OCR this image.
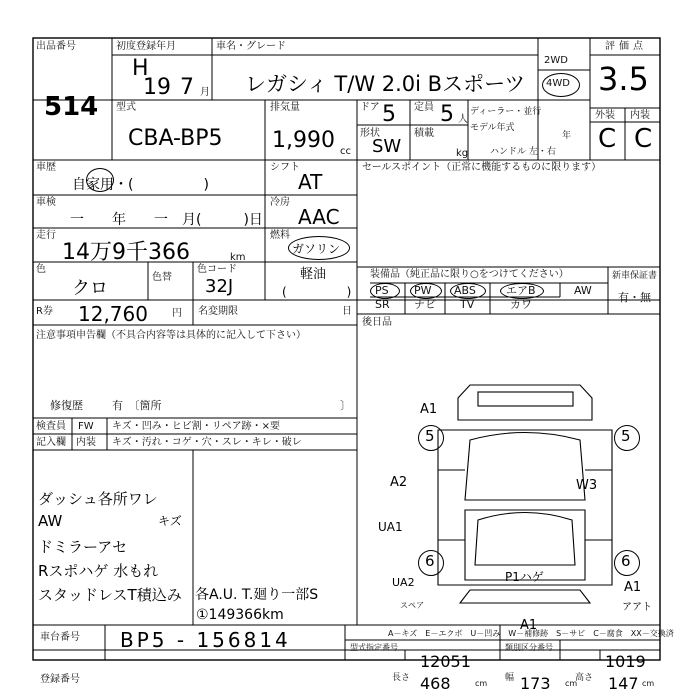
出品番号
514
初度登録年月
H
19 7 月
車名・グレード
レガシィ T/W 2.0i Bスポーツ
2WD
4WD
評価点
3.5
外装 内装
C C
型式
CBA-BP5
排気量
1,990 cc
ドア 5 定員 5 人
形状
SW
積載
kg
ディーラー・並行
モデル年式
年
ハンドル 左・右
車歴
自家用・(　　　　　)
シフト
AT
セールスポイント（正常に機能するものに限ります）
車検
一　　年　　一　月(　　　)日
冷房
AAC
走行
14万9千366	km
燃料
ガソリン
軽油
(　　　　　)
色
クロ
色替
色コード
32J
R券 12,760 円 名変期限	日
注意事項申告欄（不具合内容等は具体的に記入して下さい）
修復歴	有　〔箇所	〕
装備品（純正品に限り○をつけてください）	新車保証書
有・無
PS PW ABS	エアB	AW
SR ナビ TV	カワ
後日品
検査員 FW キズ・凹み・ヒビ割・リペア跡・×要
記入欄 内装 キズ・汚れ・コゲ・穴・スレ・キレ・破レ
ダッシュ各所ワレ
AW	キズ
ドミラーアセ
Rスポハゲ 水もれ
スタッドレスT積込み 各A.U. T.廻り一部S
①149366km
A1
A2	W3
UA1
UA2	P1ハゲ
A1
A1
アアト
5	5
6	6
スペア
A－キズ　E－エクボ　U－凹み　W－補修跡　S－サビ　C－腐食　XX－交換済
車台番号 BP5 - 156814
登録番号
型式指定番号
12051
類別区分番号
1019
長さ 468	cm
幅 173 cm
高さ 147 cm
